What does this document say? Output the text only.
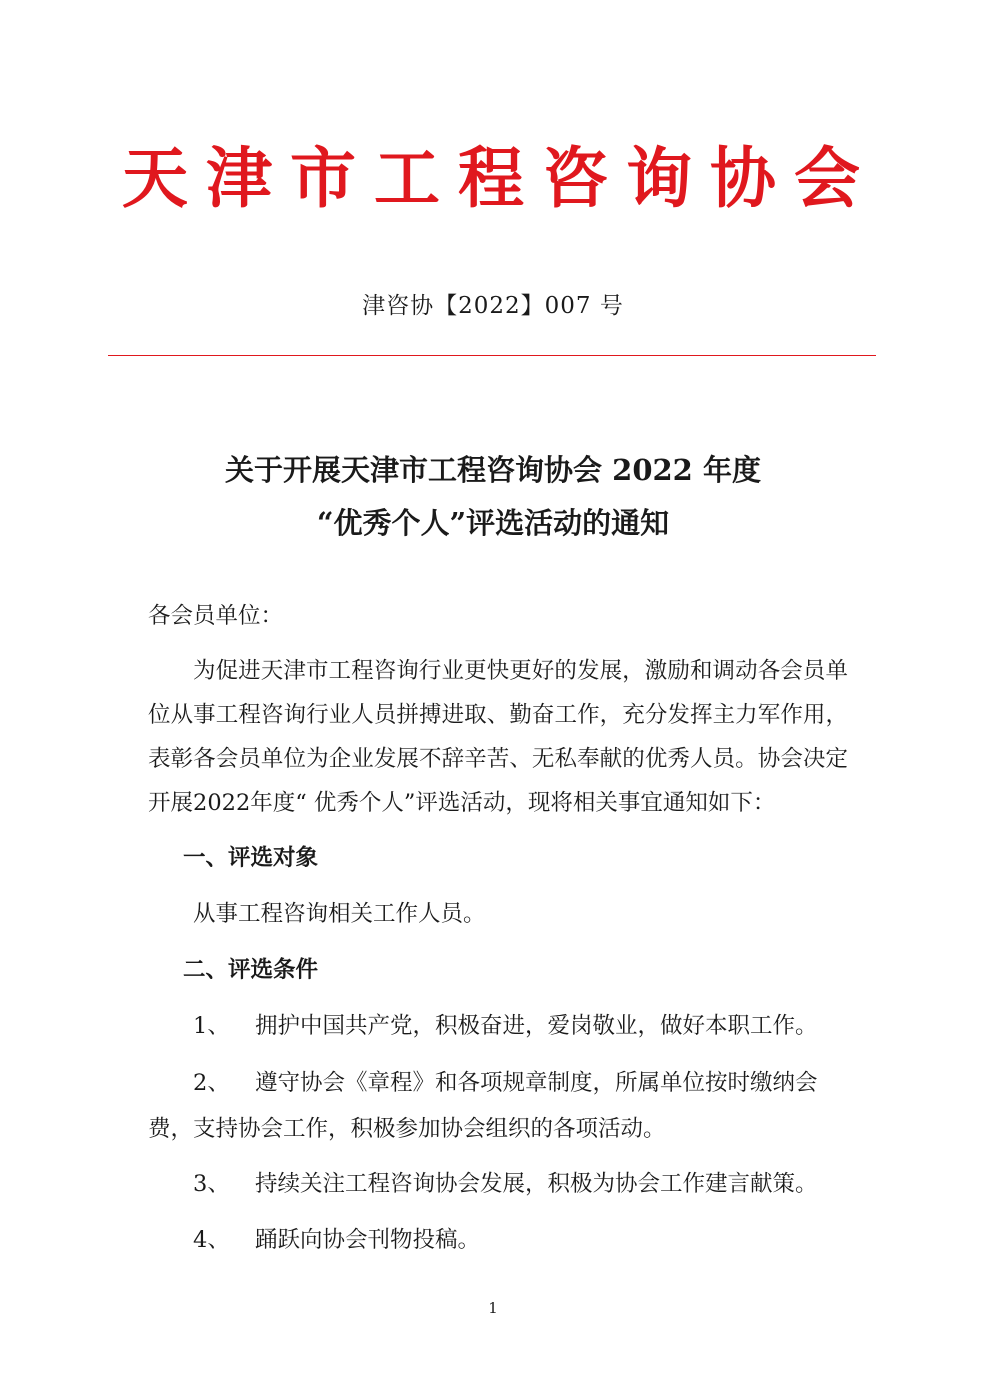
天津市工程咨询协会
津咨协【2022】007 号
关于开展天津市工程咨询协会 2022 年度
“优秀个人”评选活动的通知
各会员单位：
为促进天津市工程咨询行业更快更好的发展，激励和调动各会员单位从事工程咨询行业人员拼搏进取、勤奋工作，充分发挥主力军作用，表彰各会员单位为企业发展不辞辛苦、无私奉献的优秀人员。协会决定开展2022年度“ 优秀个人”评选活动，现将相关事宜通知如下：
一、评选对象
从事工程咨询相关工作人员。
二、评选条件
1、 拥护中国共产党，积极奋进，爱岗敬业，做好本职工作。
2、 遵守协会《章程》和各项规章制度，所属单位按时缴纳会费，支持协会工作，积极参加协会组织的各项活动。
3、 持续关注工程咨询协会发展，积极为协会工作建言献策。
4、 踊跃向协会刊物投稿。
1
